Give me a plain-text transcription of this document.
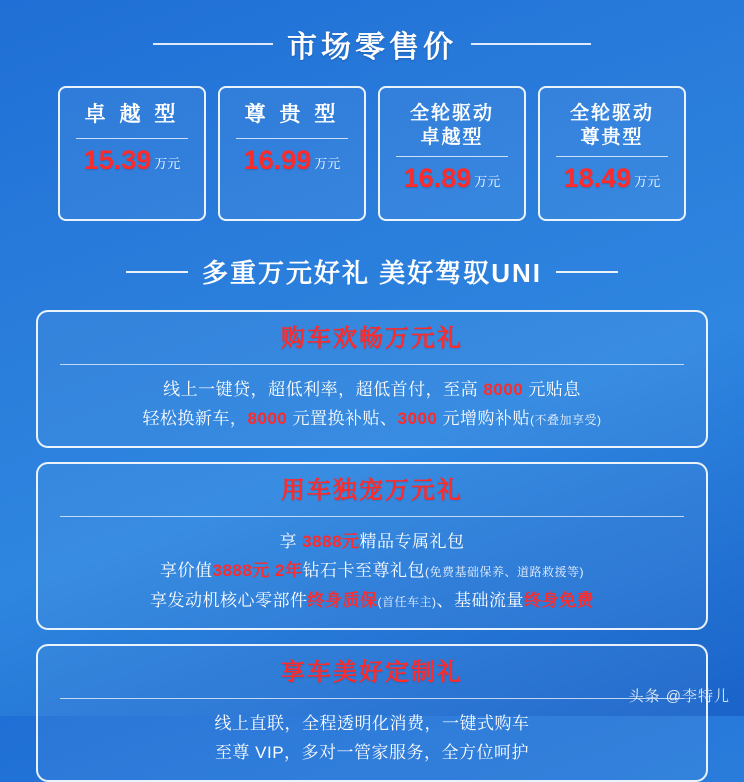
市场零售价
卓 越 型
15.39 万元
尊 贵 型
16.99 万元
全轮驱动
卓越型
16.89 万元
全轮驱动
尊贵型
18.49 万元
多重万元好礼 美好驾驭UNI
购车欢畅万元礼
线上一键贷，超低利率，超低首付，至高 8000 元贴息
轻松换新车，8000 元置换补贴、3000 元增购补贴(不叠加享受)
用车独宠万元礼
享 3888元精品专属礼包
享价值3888元 2年钻石卡至尊礼包(免费基础保养、道路救援等)
享发动机核心零部件终身质保(首任车主)、基础流量终身免费
享车美好定制礼
线上直联，全程透明化消费，一键式购车
至尊 VIP，多对一管家服务，全方位呵护
头条 @李特儿
